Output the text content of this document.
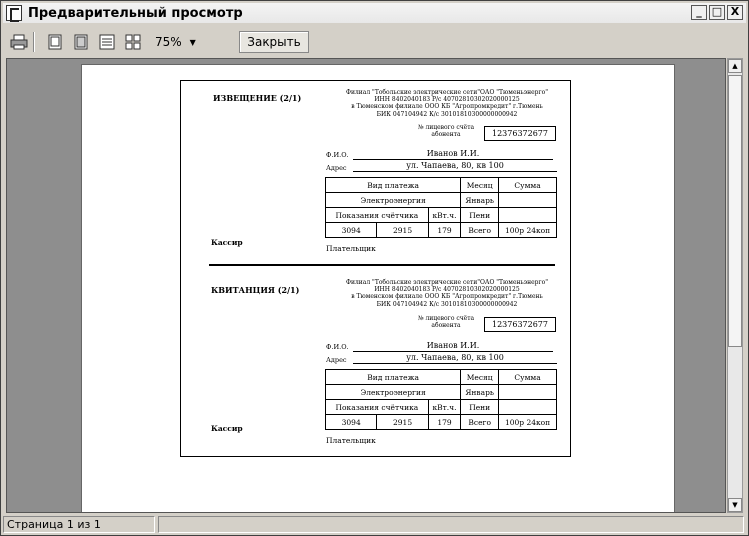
Предварительный просмотр	_ □ X
75% ▼	Закрыть
ИЗВЕЩЕНИЕ (2/1)
Филиал "Тобольские электрические сети"ОАО "Тюменьэнерго"
ИНН 8402040183 Р/с 40702810302020000125
в Тюменском филиале ООО КБ "Агропромкредит" г.Тюмень
БИК 047104942 К/с 30101810300000000942
№ лицевого счёта
абонента	12376372677
Ф.И.О.	Иванов И.И.
Адрес	ул. Чапаева, 80, кв 100
Вид платежа			Месяц	Сумма
Электроэнергия			Январь	
Показания счётчика		кВт.ч.	Пени	
3094	2915	179	Всего	100р 24коп
Кассир
Плательщик
КВИТАНЦИЯ (2/1)
Филиал "Тобольские электрические сети"ОАО "Тюменьэнерго"
ИНН 8402040183 Р/с 40702810302020000125
в Тюменском филиале ООО КБ "Агропромкредит" г.Тюмень
БИК 047104942 К/с 30101810300000000942
№ лицевого счёта
абонента	12376372677
Ф.И.О.	Иванов И.И.
Адрес	ул. Чапаева, 80, кв 100
Вид платежа			Месяц	Сумма
Электроэнергия			Январь	
Показания счётчика		кВт.ч.	Пени	
3094	2915	179	Всего	100р 24коп
Кассир
Плательщик
▲
▼
Страница 1 из 1
